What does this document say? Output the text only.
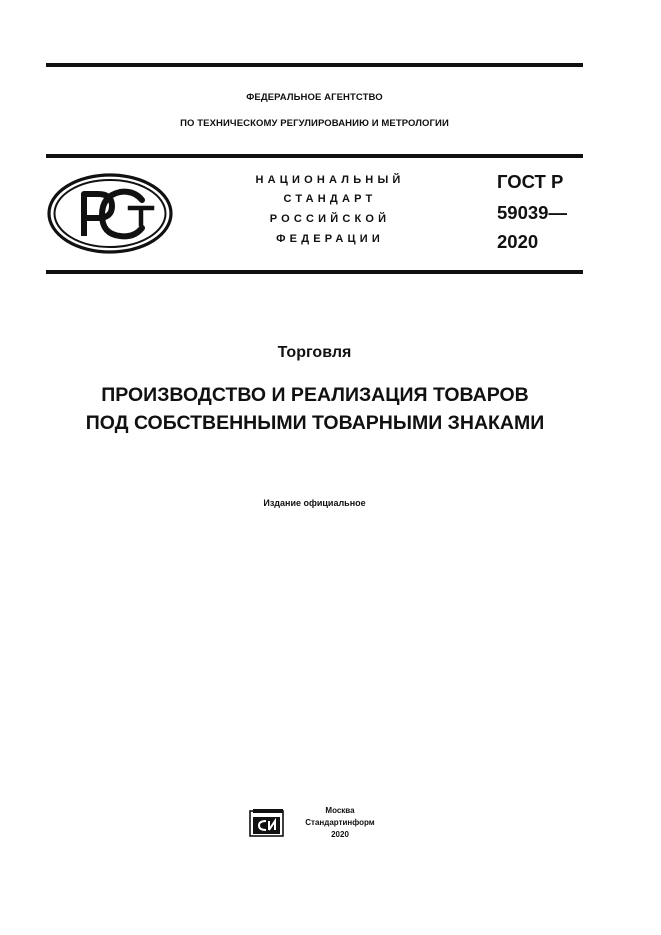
ФЕДЕРАЛЬНОЕ АГЕНТСТВО
ПО ТЕХНИЧЕСКОМУ РЕГУЛИРОВАНИЮ И МЕТРОЛОГИИ
НАЦИОНАЛЬНЫЙ
СТАНДАРТ
РОССИЙСКОЙ
ФЕДЕРАЦИИ
ГОСТ Р
59039—
2020
Торговля
ПРОИЗВОДСТВО И РЕАЛИЗАЦИЯ ТОВАРОВ
ПОД СОБСТВЕННЫМИ ТОВАРНЫМИ ЗНАКАМИ
Издание официальное
Москва
Стандартинформ
2020
